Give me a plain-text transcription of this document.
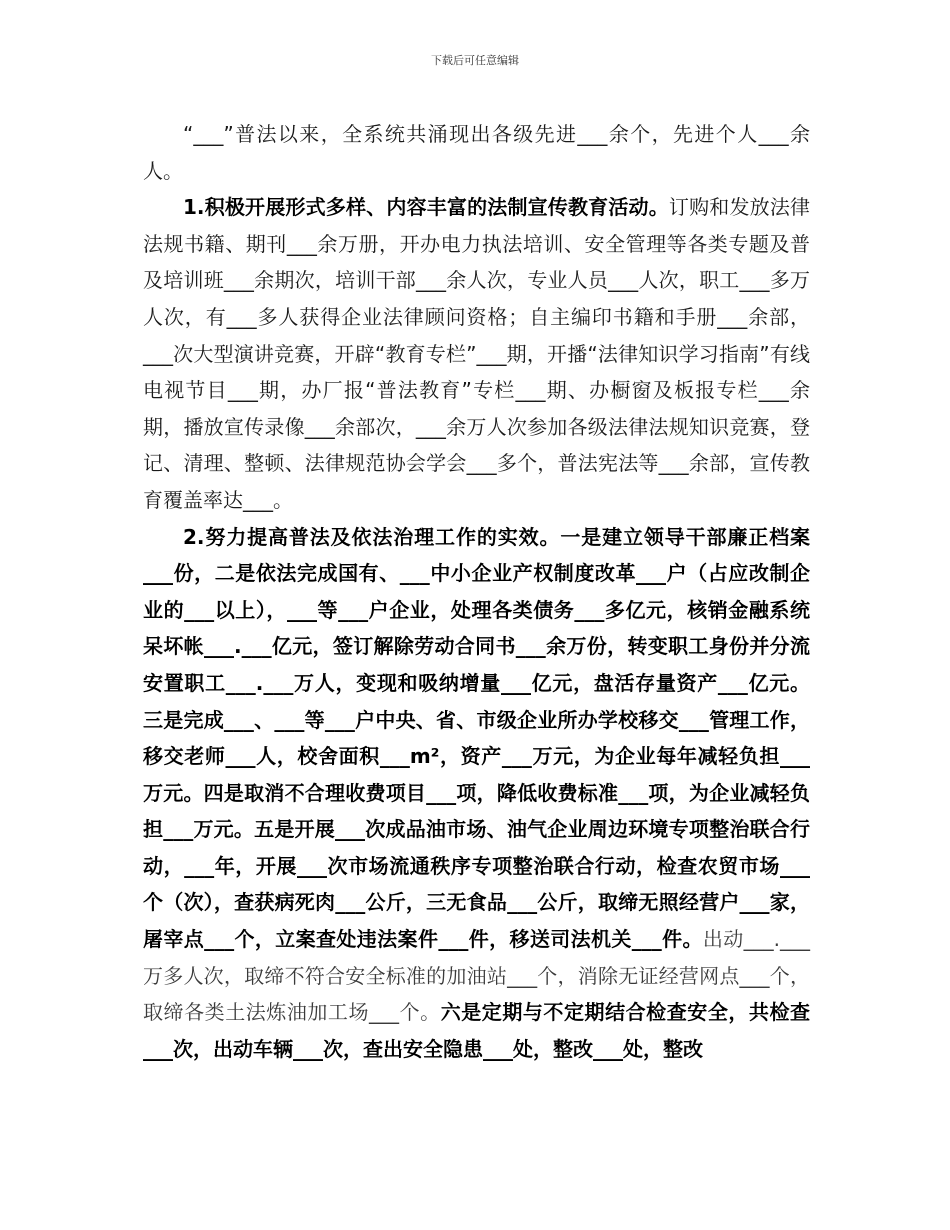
下载后可任意编辑

“___”普法以来，全系统共涌现出各级先进___余个，先进个人___余人。

1.积极开展形式多样、内容丰富的法制宣传教育活动。订购和发放法律法规书籍、期刊___余万册，开办电力执法培训、安全管理等各类专题及普及培训班___余期次，培训干部___余人次，专业人员___人次，职工___多万人次，有___多人获得企业法律顾问资格；自主编印书籍和手册___余部，___次大型演讲竞赛，开辟“教育专栏”___期，开播“法律知识学习指南”有线电视节目___期，办厂报“普法教育”专栏___期、办橱窗及板报专栏___余期，播放宣传录像___余部次，___余万人次参加各级法律法规知识竞赛，登记、清理、整顿、法律规范协会学会___多个，普法宪法等___余部，宣传教育覆盖率达___。

2.努力提高普法及依法治理工作的实效。一是建立领导干部廉正档案___份，二是依法完成国有、___中小企业产权制度改革___户（占应改制企业的___以上），___等___户企业，处理各类债务___多亿元，核销金融系统呆坏帐___.___亿元，签订解除劳动合同书___余万份，转变职工身份并分流安置职工___.___万人，变现和吸纳增量___亿元，盘活存量资产___亿元。三是完成___、___等___户中央、省、市级企业所办学校移交___管理工作，移交老师___人，校舍面积___m²，资产___万元，为企业每年减轻负担___万元。四是取消不合理收费项目___项，降低收费标准___项，为企业减轻负担___万元。五是开展___次成品油市场、油气企业周边环境专项整治联合行动，___年，开展___次市场流通秩序专项整治联合行动，检查农贸市场___个（次），查获病死肉___公斤，三无食品___公斤，取缔无照经营户___家，屠宰点___个，立案查处违法案件___件，移送司法机关___件。出动___.___万多人次，取缔不符合安全标准的加油站___个，消除无证经营网点___个，取缔各类土法炼油加工场___个。六是定期与不定期结合检查安全，共检查___次，出动车辆___次，查出安全隐患___处，整改___处，整改
